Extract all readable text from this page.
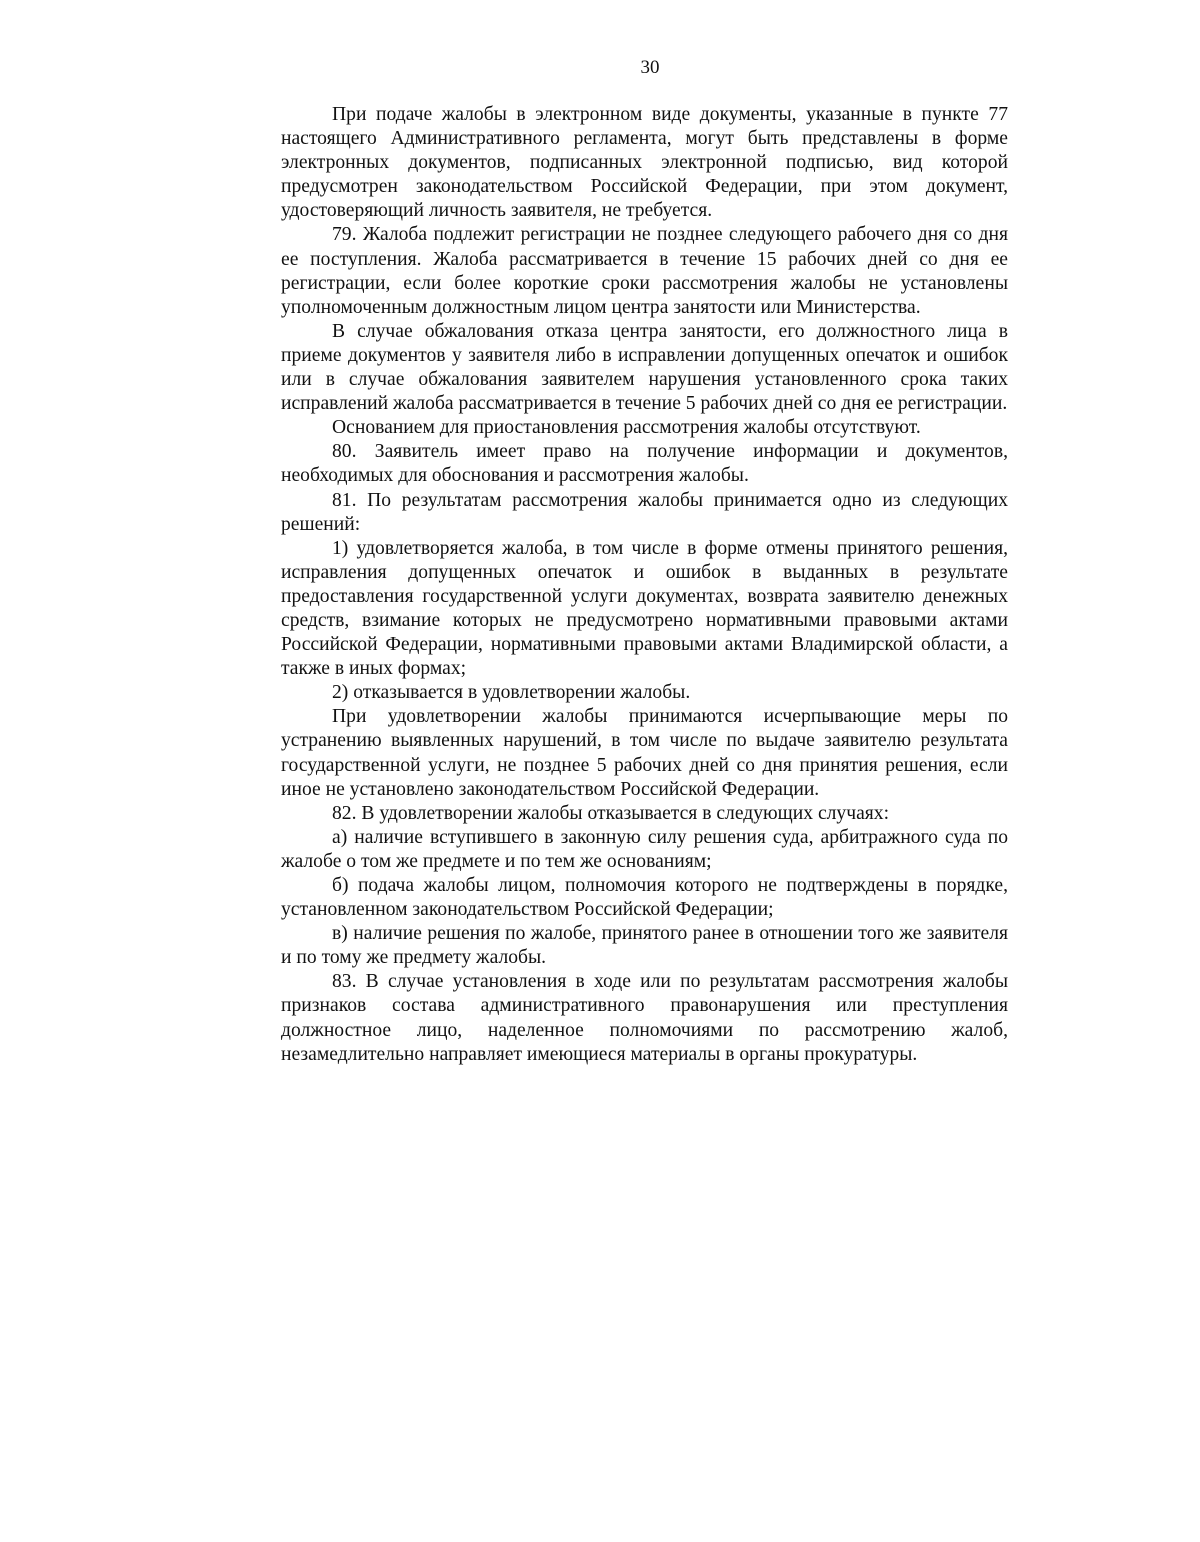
30

При подаче жалобы в электронном виде документы, указанные в пункте 77 настоящего Административного регламента, могут быть представлены в форме электронных документов, подписанных электронной подписью, вид которой предусмотрен законодательством Российской Федерации, при этом документ, удостоверяющий личность заявителя, не требуется.

79. Жалоба подлежит регистрации не позднее следующего рабочего дня со дня ее поступления. Жалоба рассматривается в течение 15 рабочих дней со дня ее регистрации, если более короткие сроки рассмотрения жалобы не установлены уполномоченным должностным лицом центра занятости или Министерства.

В случае обжалования отказа центра занятости, его должностного лица в приеме документов у заявителя либо в исправлении допущенных опечаток и ошибок или в случае обжалования заявителем нарушения установленного срока таких исправлений жалоба рассматривается в течение 5 рабочих дней со дня ее регистрации.

Основанием для приостановления рассмотрения жалобы отсутствуют.

80. Заявитель имеет право на получение информации и документов, необходимых для обоснования и рассмотрения жалобы.

81. По результатам рассмотрения жалобы принимается одно из следующих решений:

1) удовлетворяется жалоба, в том числе в форме отмены принятого решения, исправления допущенных опечаток и ошибок в выданных в результате предоставления государственной услуги документах, возврата заявителю денежных средств, взимание которых не предусмотрено нормативными правовыми актами Российской Федерации, нормативными правовыми актами Владимирской области, а также в иных формах;

2) отказывается в удовлетворении жалобы.

При удовлетворении жалобы принимаются исчерпывающие меры по устранению выявленных нарушений, в том числе по выдаче заявителю результата государственной услуги, не позднее 5 рабочих дней со дня принятия решения, если иное не установлено законодательством Российской Федерации.

82. В удовлетворении жалобы отказывается в следующих случаях:

а) наличие вступившего в законную силу решения суда, арбитражного суда по жалобе о том же предмете и по тем же основаниям;

б) подача жалобы лицом, полномочия которого не подтверждены в порядке, установленном законодательством Российской Федерации;

в) наличие решения по жалобе, принятого ранее в отношении того же заявителя и по тому же предмету жалобы.

83. В случае установления в ходе или по результатам рассмотрения жалобы признаков состава административного правонарушения или преступления должностное лицо, наделенное полномочиями по рассмотрению жалоб, незамедлительно направляет имеющиеся материалы в органы прокуратуры.
